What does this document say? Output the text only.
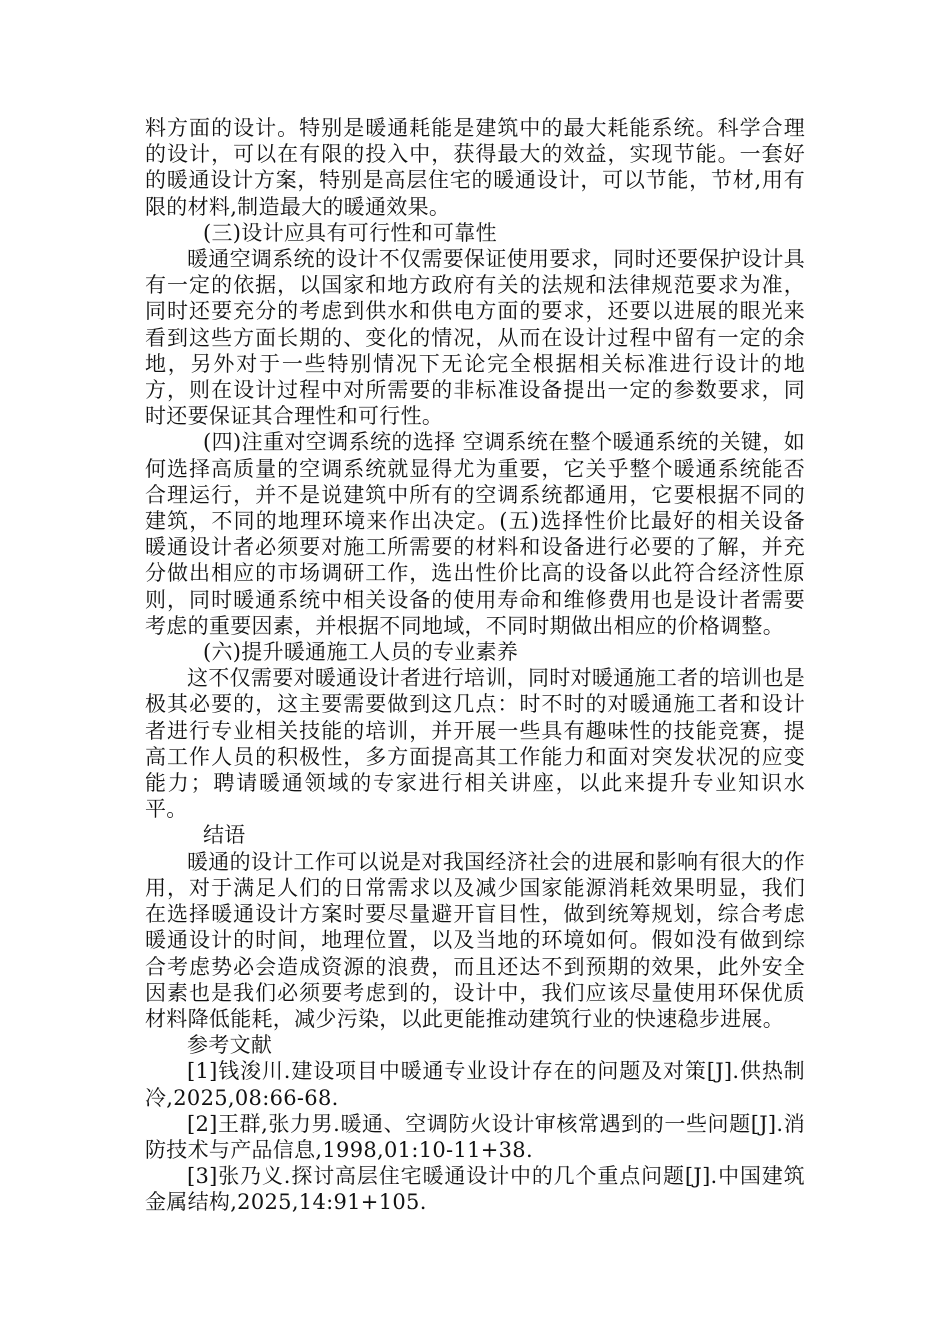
料方面的设计。特别是暖通耗能是建筑中的最大耗能系统。科学合理的设计，可以在有限的投入中，获得最大的效益，实现节能。一套好的暖通设计方案，特别是高层住宅的暖通设计，可以节能，节材,用有限的材料,制造最大的暖通效果。

(三)设计应具有可行性和可靠性

暖通空调系统的设计不仅需要保证使用要求，同时还要保护设计具有一定的依据，以国家和地方政府有关的法规和法律规范要求为准，同时还要充分的考虑到供水和供电方面的要求，还要以进展的眼光来看到这些方面长期的、变化的情况，从而在设计过程中留有一定的余地，另外对于一些特别情况下无论完全根据相关标准进行设计的地方，则在设计过程中对所需要的非标准设备提出一定的参数要求，同时还要保证其合理性和可行性。

(四)注重对空调系统的选择 空调系统在整个暖通系统的关键，如何选择高质量的空调系统就显得尤为重要，它关乎整个暖通系统能否合理运行，并不是说建筑中所有的空调系统都通用，它要根据不同的建筑，不同的地理环境来作出决定。(五)选择性价比最好的相关设备 暖通设计者必须要对施工所需要的材料和设备进行必要的了解，并充分做出相应的市场调研工作，选出性价比高的设备以此符合经济性原则，同时暖通系统中相关设备的使用寿命和维修费用也是设计者需要考虑的重要因素，并根据不同地域，不同时期做出相应的价格调整。

(六)提升暖通施工人员的专业素养

这不仅需要对暖通设计者进行培训，同时对暖通施工者的培训也是极其必要的，这主要需要做到这几点：时不时的对暖通施工者和设计者进行专业相关技能的培训，并开展一些具有趣味性的技能竞赛，提高工作人员的积极性，多方面提高其工作能力和面对突发状况的应变能力；聘请暖通领域的专家进行相关讲座，以此来提升专业知识水平。

结语

暖通的设计工作可以说是对我国经济社会的进展和影响有很大的作用，对于满足人们的日常需求以及减少国家能源消耗效果明显，我们在选择暖通设计方案时要尽量避开盲目性，做到统筹规划，综合考虑暖通设计的时间，地理位置，以及当地的环境如何。假如没有做到综合考虑势必会造成资源的浪费，而且还达不到预期的效果，此外安全因素也是我们必须要考虑到的，设计中，我们应该尽量使用环保优质材料降低能耗，减少污染，以此更能推动建筑行业的快速稳步进展。

参考文献

[1]钱浚川.建设项目中暖通专业设计存在的问题及对策[J].供热制冷,2025,08:66-68.

[2]王群,张力男.暖通、空调防火设计审核常遇到的一些问题[J].消防技术与产品信息,1998,01:10-11+38.

[3]张乃义.探讨高层住宅暖通设计中的几个重点问题[J].中国建筑金属结构,2025,14:91+105.
